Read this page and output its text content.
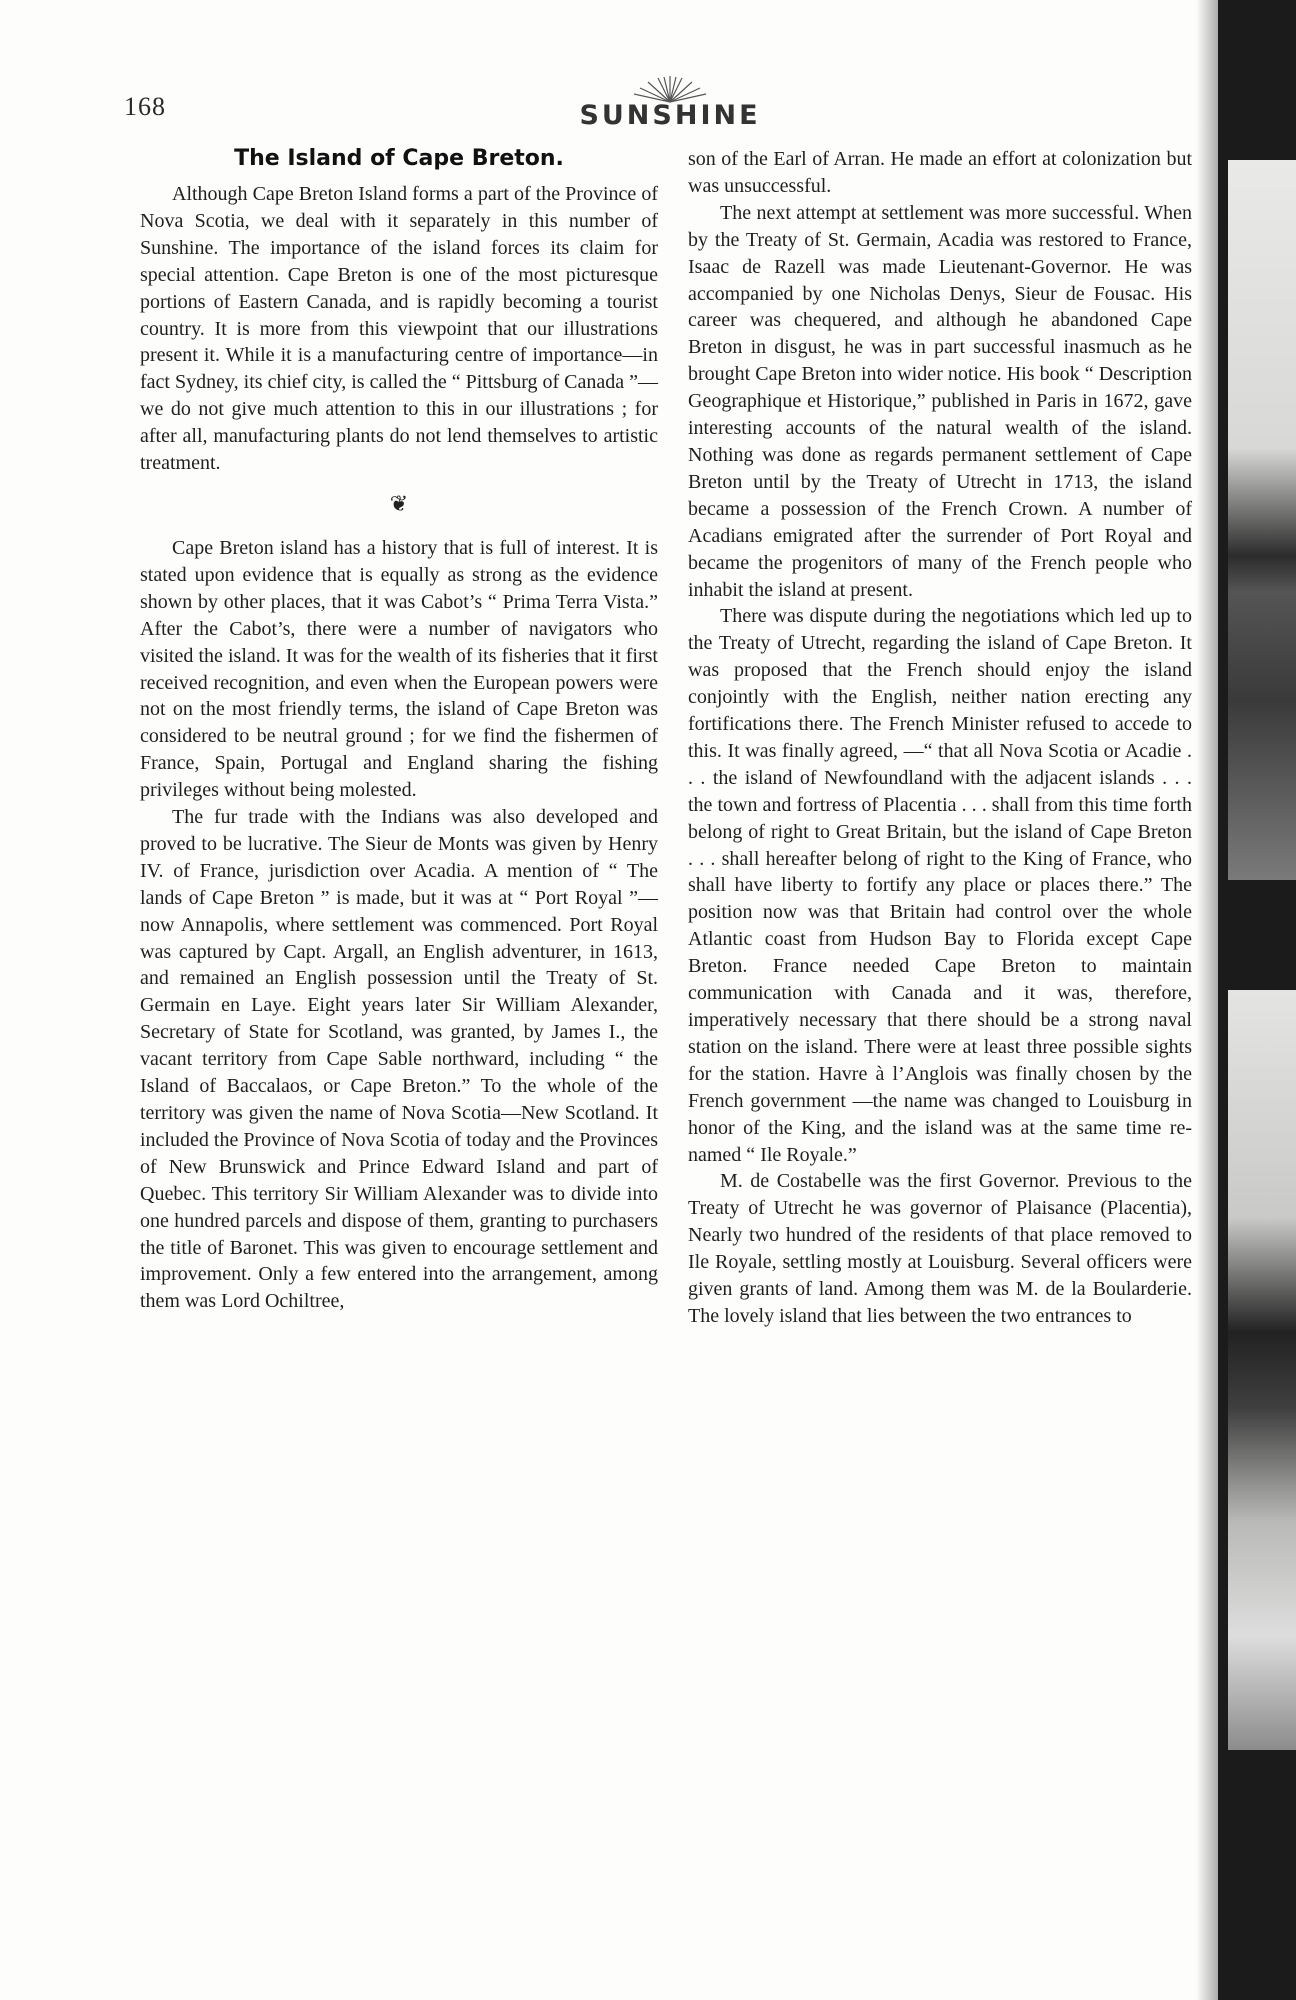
168	SUNSHINE
The Island of Cape Breton.

Although Cape Breton Island forms a part of the Province of Nova Scotia, we deal with it separately in this number of Sunshine. The importance of the island forces its claim for special attention. Cape Breton is one of the most picturesque portions of Eastern Canada, and is rapidly becoming a tourist country. It is more from this viewpoint that our illustrations present it. While it is a manufacturing centre of importance—in fact Sydney, its chief city, is called the “ Pittsburg of Canada ”—we do not give much attention to this in our illustrations ; for after all, manufacturing plants do not lend themselves to artistic treatment.

❦

Cape Breton island has a history that is full of interest. It is stated upon evidence that is equally as strong as the evidence shown by other places, that it was Cabot’s “ Prima Terra Vista.” After the Cabot’s, there were a number of navigators who visited the island. It was for the wealth of its fisheries that it first received recognition, and even when the European powers were not on the most friendly terms, the island of Cape Breton was considered to be neutral ground ; for we find the fishermen of France, Spain, Portugal and England sharing the fishing privileges without being molested.

The fur trade with the Indians was also developed and proved to be lucrative. The Sieur de Monts was given by Henry IV. of France, jurisdiction over Acadia. A mention of “ The lands of Cape Breton ” is made, but it was at “ Port Royal ”—now Annapolis, where settlement was commenced. Port Royal was captured by Capt. Argall, an English adventurer, in 1613, and remained an English possession until the Treaty of St. Germain en Laye. Eight years later Sir William Alexander, Secretary of State for Scotland, was granted, by James I., the vacant territory from Cape Sable northward, including “ the Island of Baccalaos, or Cape Breton.” To the whole of the territory was given the name of Nova Scotia—New Scotland. It included the Province of Nova Scotia of today and the Provinces of New Brunswick and Prince Edward Island and part of Quebec. This territory Sir William Alexander was to divide into one hundred parcels and dispose of them, granting to purchasers the title of Baronet. This was given to encourage settlement and improvement. Only a few entered into the arrangement, among them was Lord Ochiltree,

son of the Earl of Arran. He made an effort at colonization but was unsuccessful.

The next attempt at settlement was more successful. When by the Treaty of St. Germain, Acadia was restored to France, Isaac de Razell was made Lieutenant-Governor. He was accompanied by one Nicholas Denys, Sieur de Fousac. His career was chequered, and although he abandoned Cape Breton in disgust, he was in part successful inasmuch as he brought Cape Breton into wider notice. His book “ Description Geographique et Historique,” published in Paris in 1672, gave interesting accounts of the natural wealth of the island. Nothing was done as regards permanent settlement of Cape Breton until by the Treaty of Utrecht in 1713, the island became a possession of the French Crown. A number of Acadians emigrated after the surrender of Port Royal and became the progenitors of many of the French people who inhabit the island at present.

There was dispute during the negotiations which led up to the Treaty of Utrecht, regarding the island of Cape Breton. It was proposed that the French should enjoy the island conjointly with the English, neither nation erecting any fortifications there. The French Minister refused to accede to this. It was finally agreed, —“ that all Nova Scotia or Acadie . . . the island of Newfoundland with the adjacent islands . . . the town and fortress of Placentia . . . shall from this time forth belong of right to Great Britain, but the island of Cape Breton . . . shall hereafter belong of right to the King of France, who shall have liberty to fortify any place or places there.” The position now was that Britain had control over the whole Atlantic coast from Hudson Bay to Florida except Cape Breton. France needed Cape Breton to maintain communication with Canada and it was, therefore, imperatively necessary that there should be a strong naval station on the island. There were at least three possible sights for the station. Havre à l’Anglois was finally chosen by the French government —the name was changed to Louisburg in honor of the King, and the island was at the same time re-named “ Ile Royale.”

M. de Costabelle was the first Governor. Previous to the Treaty of Utrecht he was governor of Plaisance (Placentia), Nearly two hundred of the residents of that place removed to Ile Royale, settling mostly at Louisburg. Several officers were given grants of land. Among them was M. de la Boularderie. The lovely island that lies between the two entrances to
